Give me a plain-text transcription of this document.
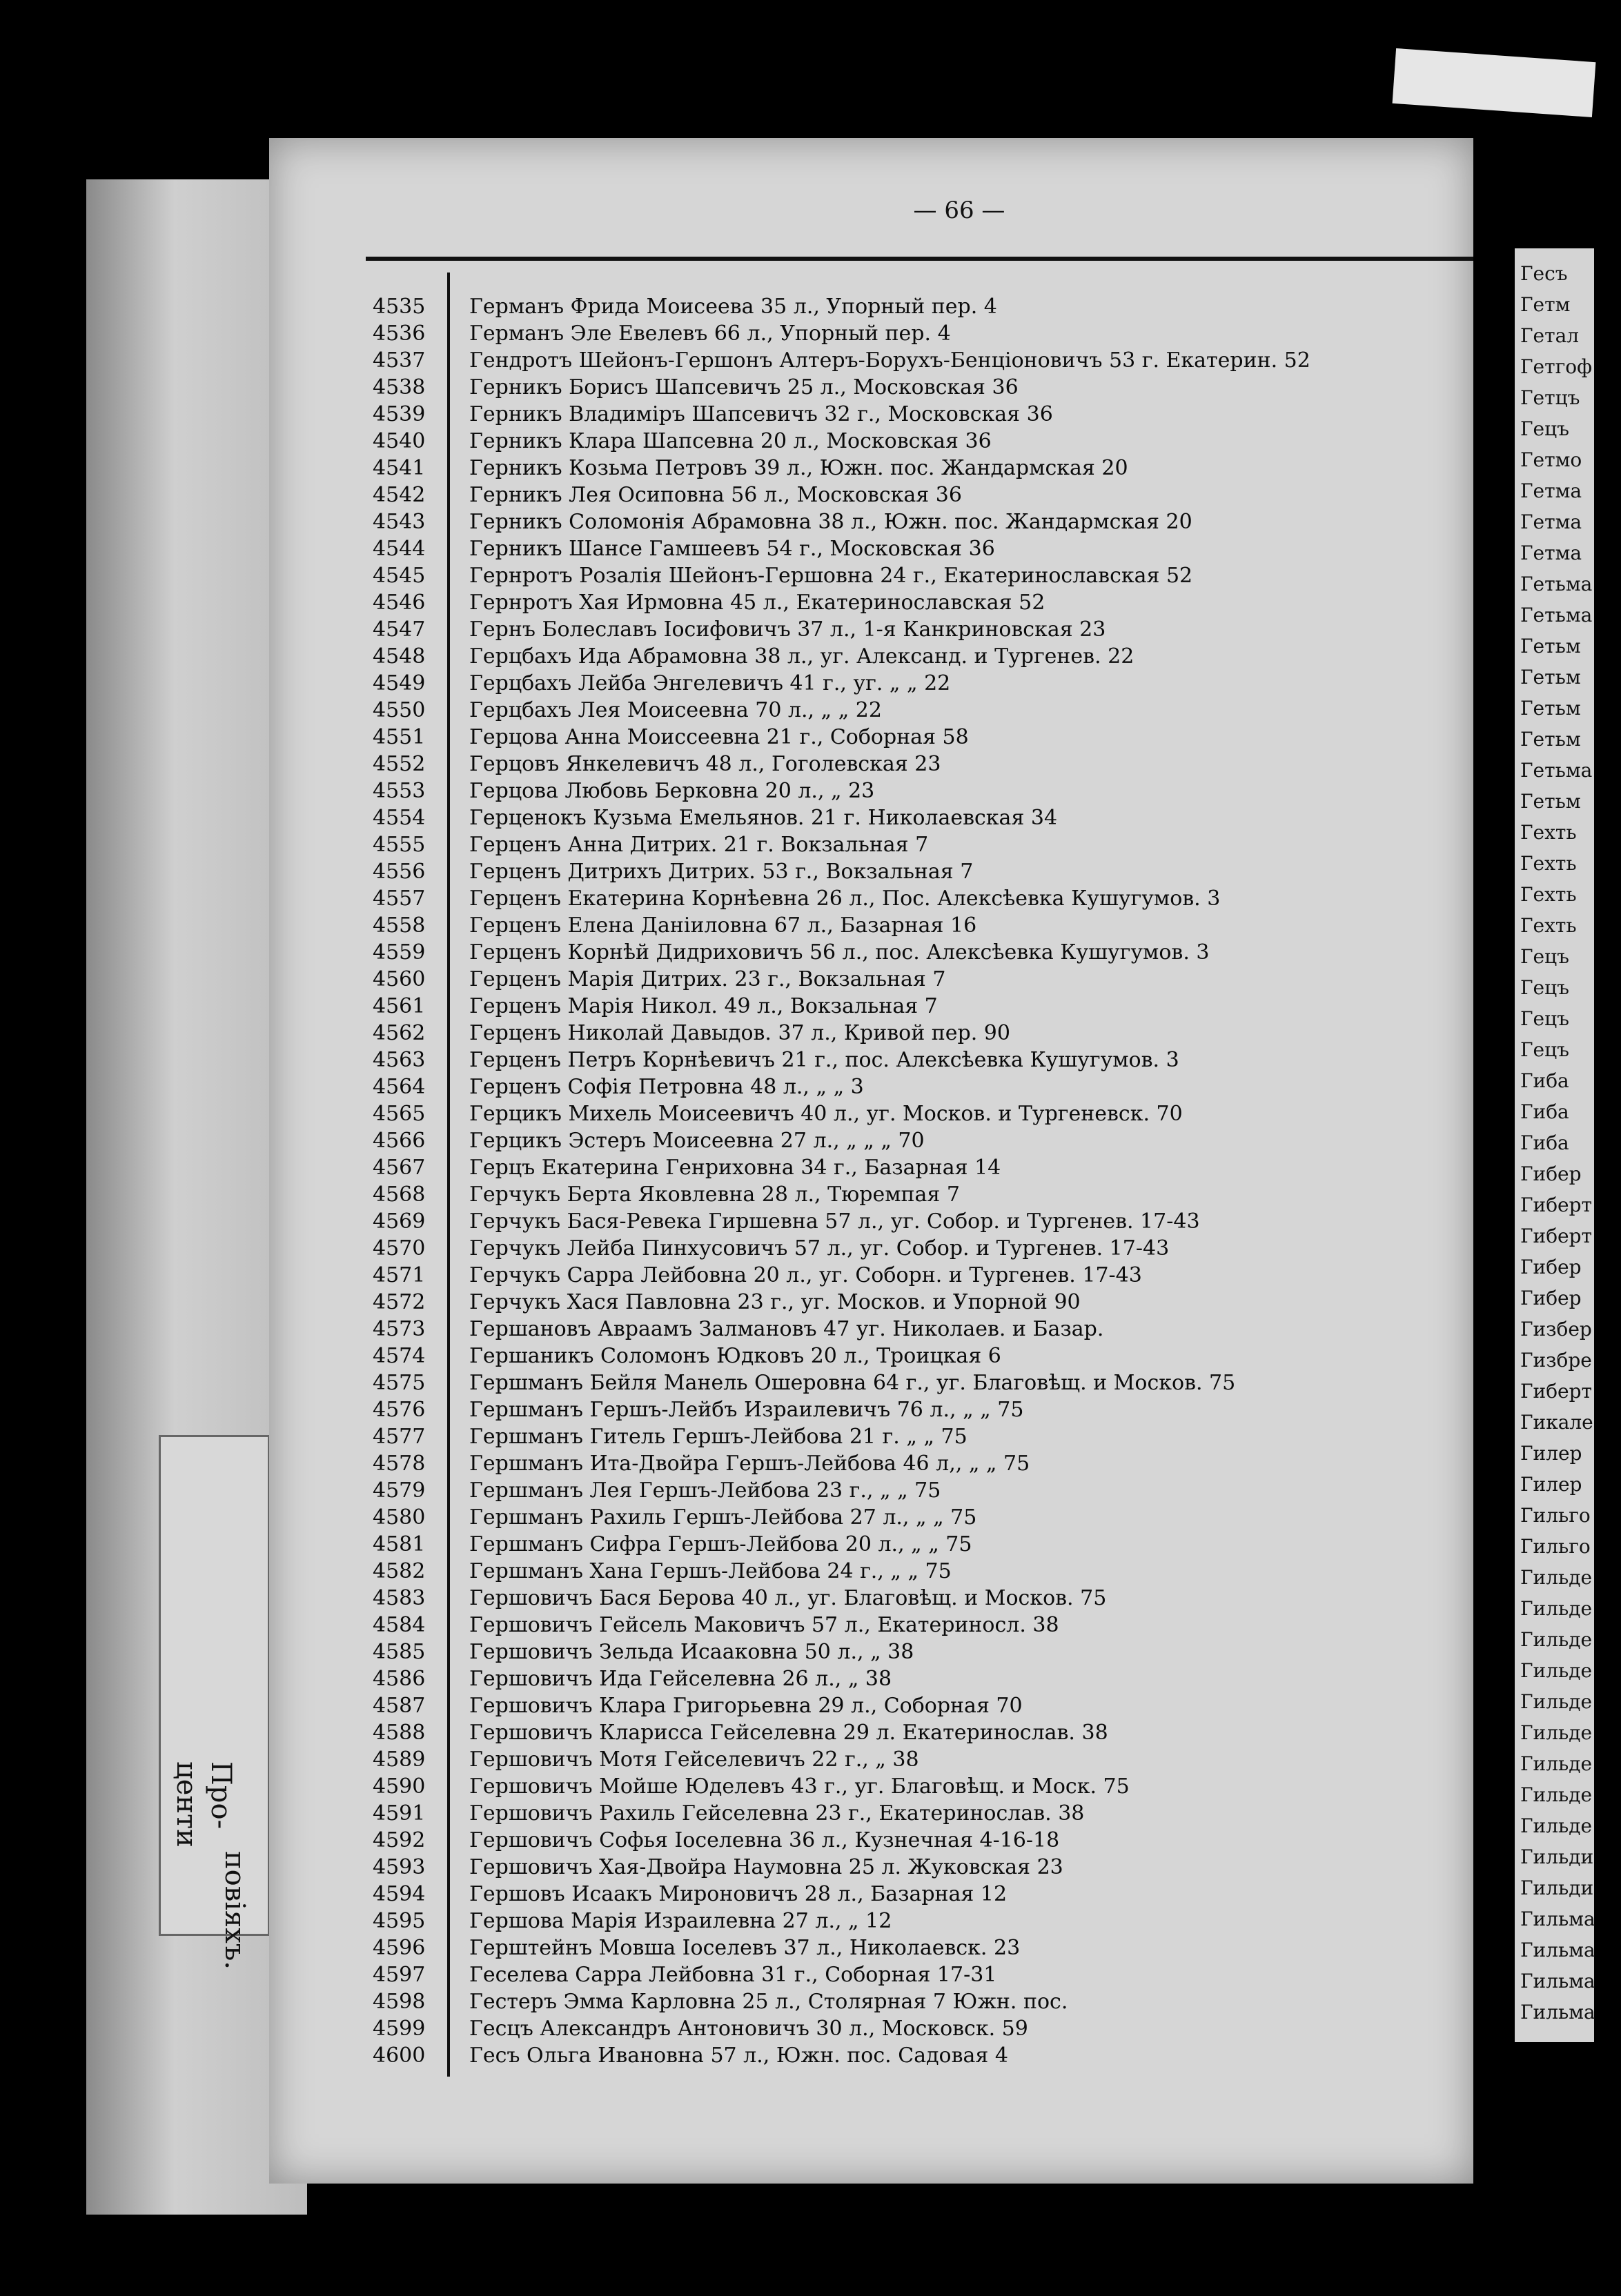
Про-
центи
повіяхъ.
Гесъ
Гетм
Гетал
Гетгоф
Гетцъ
Гецъ
Гетмо
Гетма
Гетма
Гетма
Гетьма
Гетьма
Гетьм
Гетьм
Гетьм
Гетьм
Гетьма
Гетьм
Гехть
Гехть
Гехть
Гехть
Гецъ
Гецъ
Гецъ
Гецъ
Гиба
Гиба
Гиба
Гибер
Гиберт
Гиберт
Гибер
Гибер
Гизбер
Гизбре
Гиберт
Гикале
Гилер
Гилер
Гильго
Гильго
Гильде
Гильде
Гильде
Гильде
Гильде
Гильде
Гильде
Гильде
Гильде
Гильди
Гильди
Гильма
Гильма
Гильма
Гильма
— 66 —
4535	Германъ Фрида Моисеева 35 л., Упорный пер. 4
4536	Германъ Эле Евелевъ 66 л., Упорный пер. 4
4537	Гендротъ Шейонъ-Гершонъ Алтеръ-Борухъ-Бенціоновичъ 53 г. Екатерин. 52
4538	Герникъ Борисъ Шапсевичъ 25 л., Московская 36
4539	Герникъ Владиміръ Шапсевичъ 32 г., Московская 36
4540	Герникъ Клара Шапсевна 20 л., Московская 36
4541	Герникъ Козьма Петровъ 39 л., Южн. пос. Жандармская 20
4542	Герникъ Лея Осиповна 56 л., Московская 36
4543	Герникъ Соломонія Абрамовна 38 л., Южн. пос. Жандармская 20
4544	Герникъ Шансе Гамшеевъ 54 г., Московская 36
4545	Гернротъ Розалія Шейонъ-Гершовна 24 г., Екатеринославская 52
4546	Гернротъ Хая Ирмовна 45 л., Екатеринославская 52
4547	Гернъ Болеславъ Іосифовичъ 37 л., 1-я Канкриновская 23
4548	Герцбахъ Ида Абрамовна 38 л., уг. Александ. и Тургенев. 22
4549	Герцбахъ Лейба Энгелевичъ 41 г., уг. „ „ 22
4550	Герцбахъ Лея Моисеевна 70 л., „ „ 22
4551	Герцова Анна Моиссеевна 21 г., Соборная 58
4552	Герцовъ Янкелевичъ 48 л., Гоголевская 23
4553	Герцова Любовь Берковна 20 л., „ 23
4554	Герценокъ Кузьма Емельянов. 21 г. Николаевская 34
4555	Герценъ Анна Дитрих. 21 г. Вокзальная 7
4556	Герценъ Дитрихъ Дитрих. 53 г., Вокзальная 7
4557	Герценъ Екатерина Корнѣевна 26 л., Пос. Алексѣевка Кушугумов. 3
4558	Герценъ Елена Даніиловна 67 л., Базарная 16
4559	Герценъ Корнѣй Дидриховичъ 56 л., пос. Алексѣевка Кушугумов. 3
4560	Герценъ Марія Дитрих. 23 г., Вокзальная 7
4561	Герценъ Марія Никол. 49 л., Вокзальная 7
4562	Герценъ Николай Давыдов. 37 л., Кривой пер. 90
4563	Герценъ Петръ Корнѣевичъ 21 г., пос. Алексѣевка Кушугумов. 3
4564	Герценъ Софія Петровна 48 л., „ „ 3
4565	Герцикъ Михель Моисеевичъ 40 л., уг. Москов. и Тургеневск. 70
4566	Герцикъ Эстеръ Моисеевна 27 л., „ „ „ 70
4567	Герцъ Екатерина Генриховна 34 г., Базарная 14
4568	Герчукъ Берта Яковлевна 28 л., Тюремпая 7
4569	Герчукъ Бася-Ревека Гиршевна 57 л., уг. Собор. и Тургенев. 17-43
4570	Герчукъ Лейба Пинхусовичъ 57 л., уг. Собор. и Тургенев. 17-43
4571	Герчукъ Сарра Лейбовна 20 л., уг. Соборн. и Тургенев. 17-43
4572	Герчукъ Хася Павловна 23 г., уг. Москов. и Упорной 90
4573	Гершановъ Авраамъ Залмановъ 47 уг. Николаев. и Базар.
4574	Гершаникъ Соломонъ Юдковъ 20 л., Троицкая 6
4575	Гершманъ Бейля Манель Ошеровна 64 г., уг. Благовѣщ. и Москов. 75
4576	Гершманъ Гершъ-Лейбъ Израилевичъ 76 л., „ „ 75
4577	Гершманъ Гитель Гершъ-Лейбова 21 г. „ „ 75
4578	Гершманъ Ита-Двойра Гершъ-Лейбова 46 л,, „ „ 75
4579	Гершманъ Лея Гершъ-Лейбова 23 г., „ „ 75
4580	Гершманъ Рахиль Гершъ-Лейбова 27 л., „ „ 75
4581	Гершманъ Сифра Гершъ-Лейбова 20 л., „ „ 75
4582	Гершманъ Хана Гершъ-Лейбова 24 г., „ „ 75
4583	Гершовичъ Бася Берова 40 л., уг. Благовѣщ. и Москов. 75
4584	Гершовичъ Гейсель Маковичъ 57 л., Екатериносл. 38
4585	Гершовичъ Зельда Исааковна 50 л., „ 38
4586	Гершовичъ Ида Гейселевна 26 л., „ 38
4587	Гершовичъ Клара Григорьевна 29 л., Соборная 70
4588	Гершовичъ Кларисса Гейселевна 29 л. Екатеринослав. 38
4589	Гершовичъ Мотя Гейселевичъ 22 г., „ 38
4590	Гершовичъ Мойше Юделевъ 43 г., уг. Благовѣщ. и Моск. 75
4591	Гершовичъ Рахиль Гейселевна 23 г., Екатеринослав. 38
4592	Гершовичъ Софья Іоселевна 36 л., Кузнечная 4-16-18
4593	Гершовичъ Хая-Двойра Наумовна 25 л. Жуковская 23
4594	Гершовъ Исаакъ Мироновичъ 28 л., Базарная 12
4595	Гершова Марія Израилевна 27 л., „ 12
4596	Герштейнъ Мовша Іоселевъ 37 л., Николаевск. 23
4597	Геселева Сарра Лейбовна 31 г., Соборная 17-31
4598	Гестеръ Эмма Карловна 25 л., Столярная 7 Южн. пос.
4599	Гесцъ Александръ Антоновичъ 30 л., Московск. 59
4600	Гесъ Ольга Ивановна 57 л., Южн. пос. Садовая 4
